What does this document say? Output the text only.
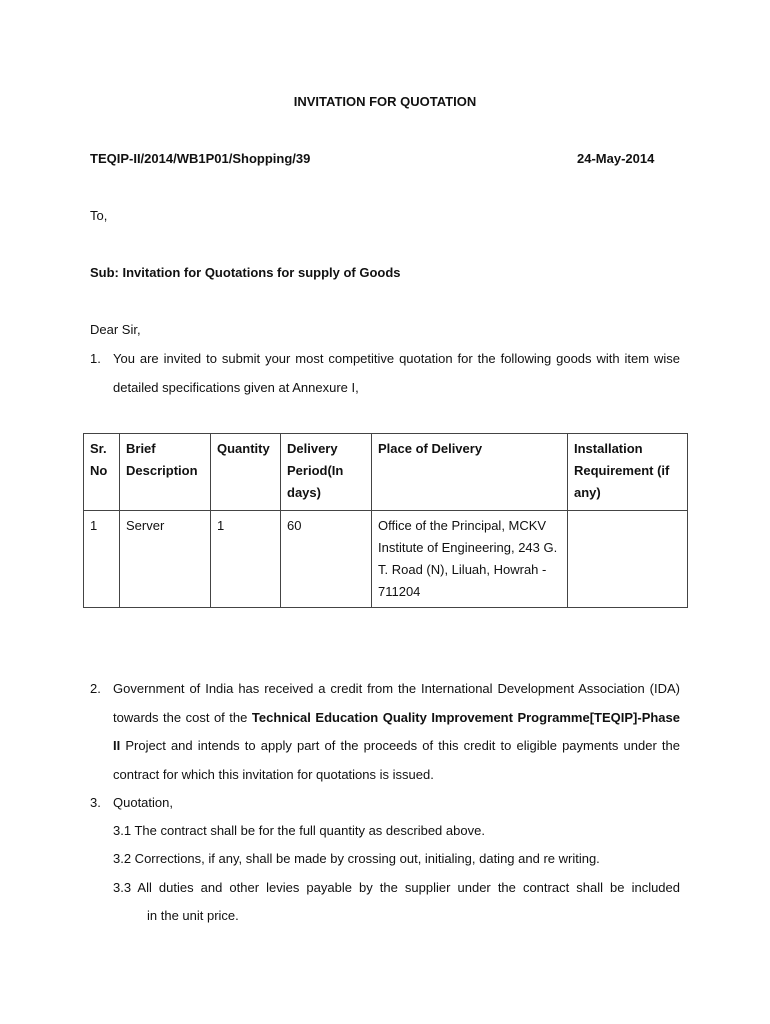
INVITATION FOR QUOTATION
TEQIP-II/2014/WB1P01/Shopping/39	24-May-2014
To,
Sub: Invitation for Quotations for supply of Goods
Dear Sir,
1. You are invited to submit your most competitive quotation for the following goods with item wise detailed specifications given at Annexure I,
Sr. No	Brief Description	Quantity	Delivery Period(In days)	Place of Delivery	Installation Requirement (if any)
1	Server	1	60	Office of the Principal, MCKV Institute of Engineering, 243 G. T. Road (N), Liluah, Howrah - 711204	
2. Government of India has received a credit from the International Development Association (IDA) towards the cost of the Technical Education Quality Improvement Programme[TEQIP]-Phase II Project and intends to apply part of the proceeds of this credit to eligible payments under the contract for which this invitation for quotations is issued.
3. Quotation,
3.1 The contract shall be for the full quantity as described above.
3.2 Corrections, if any, shall be made by crossing out, initialing, dating and re writing.
3.3 All duties and other levies payable by the supplier under the contract shall be included
in the unit price.
